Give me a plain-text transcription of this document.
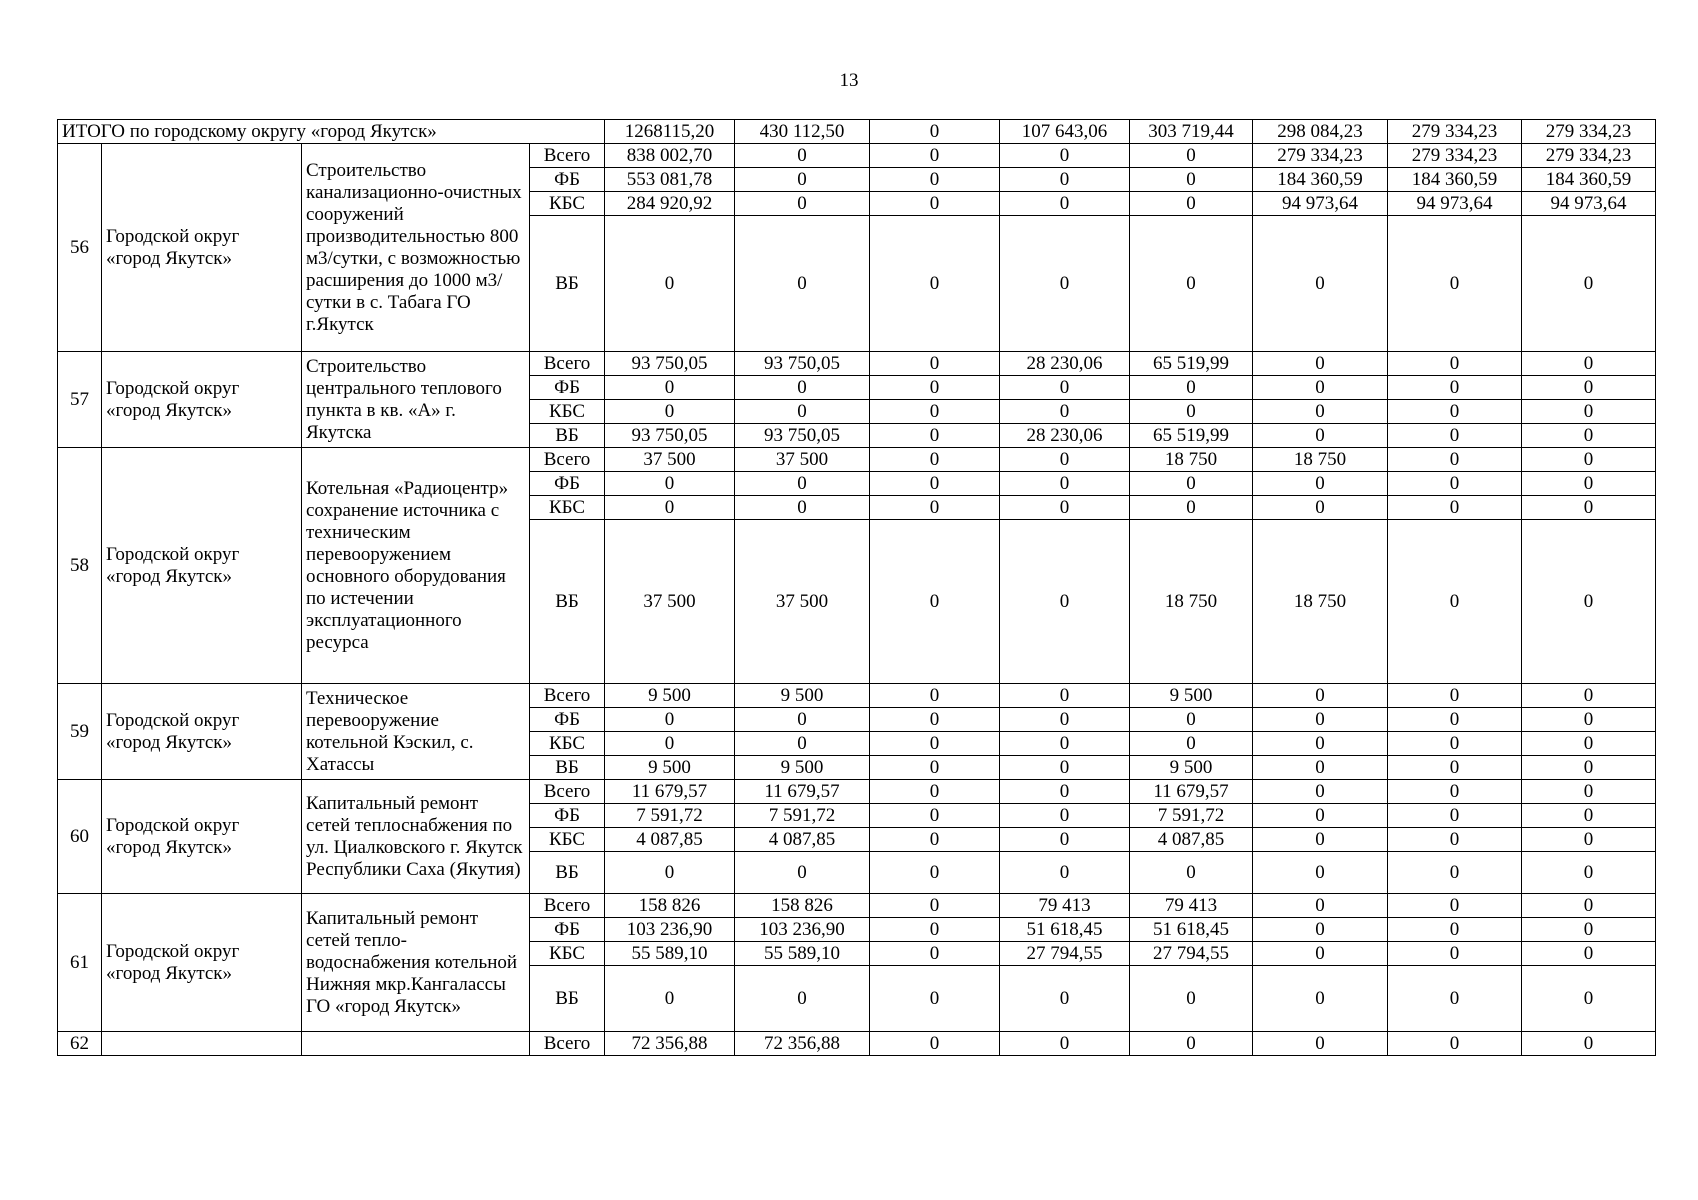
13
ИТОГО по городскому округу «город Якутск»				1268115,20	430 112,50	0	107 643,06	303 719,44	298 084,23	279 334,23	279 334,23
56	Городской округ «город Якутск»	Строительство канализационно-очистных сооружений производительностью 800 м3/сутки, с возможностью расширения до 1000 м3/сутки в с. Табага ГО г.Якутск	Всего	838 002,70	0	0	0	0	279 334,23	279 334,23	279 334,23
			ФБ	553 081,78	0	0	0	0	184 360,59	184 360,59	184 360,59
			КБС	284 920,92	0	0	0	0	94 973,64	94 973,64	94 973,64
			ВБ	0	0	0	0	0	0	0	0
57	Городской округ «город Якутск»	Строительство центрального теплового пункта в кв. «А» г. Якутска	Всего	93 750,05	93 750,05	0	28 230,06	65 519,99	0	0	0
			ФБ	0	0	0	0	0	0	0	0
			КБС	0	0	0	0	0	0	0	0
			ВБ	93 750,05	93 750,05	0	28 230,06	65 519,99	0	0	0
58	Городской округ «город Якутск»	Котельная «Радиоцентр» сохранение источника с техническим перевооружением основного оборудования по истечении эксплуатационного ресурса	Всего	37 500	37 500	0	0	18 750	18 750	0	0
			ФБ	0	0	0	0	0	0	0	0
			КБС	0	0	0	0	0	0	0	0
			ВБ	37 500	37 500	0	0	18 750	18 750	0	0
59	Городской округ «город Якутск»	Техническое перевооружение котельной Кэскил, с. Хатассы	Всего	9 500	9 500	0	0	9 500	0	0	0
			ФБ	0	0	0	0	0	0	0	0
			КБС	0	0	0	0	0	0	0	0
			ВБ	9 500	9 500	0	0	9 500	0	0	0
60	Городской округ «город Якутск»	Капитальный ремонт сетей теплоснабжения по ул. Циалковского г. Якутск Республики Саха (Якутия)	Всего	11 679,57	11 679,57	0	0	11 679,57	0	0	0
			ФБ	7 591,72	7 591,72	0	0	7 591,72	0	0	0
			КБС	4 087,85	4 087,85	0	0	4 087,85	0	0	0
			ВБ	0	0	0	0	0	0	0	0
61	Городской округ «город Якутск»	Капитальный ремонт сетей тепло-водоснабжения котельной Нижняя мкр.Кангалассы ГО «город Якутск»	Всего	158 826	158 826	0	79 413	79 413	0	0	0
			ФБ	103 236,90	103 236,90	0	51 618,45	51 618,45	0	0	0
			КБС	55 589,10	55 589,10	0	27 794,55	27 794,55	0	0	0
			ВБ	0	0	0	0	0	0	0	0
62			Всего	72 356,88	72 356,88	0	0	0	0	0	0
